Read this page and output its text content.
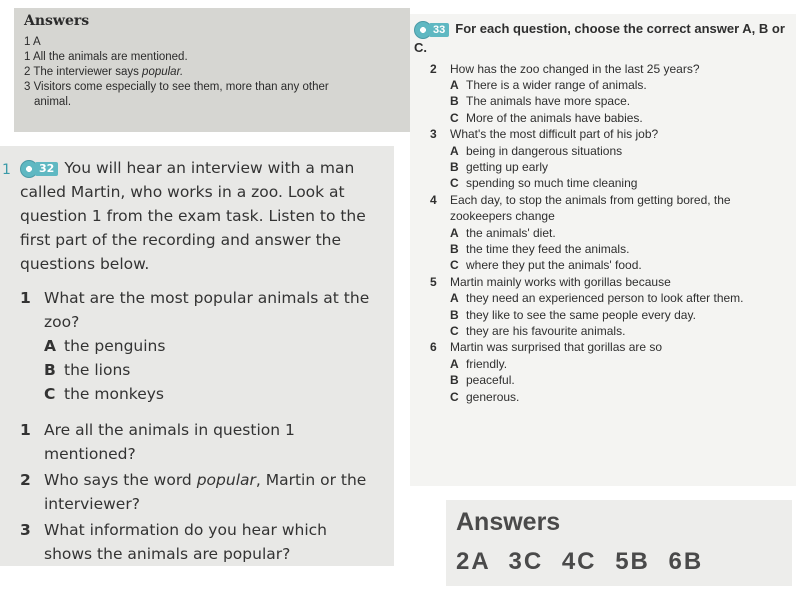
Answers
1 A
1 All the animals are mentioned.
2 The interviewer says popular.
3 Visitors come especially to see them, more than any other
animal.
1	32 You will hear an interview with a man called Martin, who works in a zoo. Look at question 1 from the exam task. Listen to the first part of the recording and answer the questions below.

1 What are the most popular animals at the zoo?
A the penguins
B the lions
C the monkeys
1 Are all the animals in question 1 mentioned?
2 Who says the word popular, Martin or the interviewer?
3 What information do you hear which shows the animals are popular?
33 For each question, choose the correct answer A, B or C.
2	How has the zoo changed in the last 25 years?
A There is a wider range of animals.
B The animals have more space.
C More of the animals have babies.
3	What's the most difficult part of his job?
A being in dangerous situations
B getting up early
C spending so much time cleaning
4	Each day, to stop the animals from getting bored, the zookeepers change
A the animals' diet.
B the time they feed the animals.
C where they put the animals' food.
5	Martin mainly works with gorillas because
A they need an experienced person to look after them.
B they like to see the same people every day.
C they are his favourite animals.
6	Martin was surprised that gorillas are so
A friendly.
B peaceful.
C generous.
Answers
2A 3C 4C 5B 6B
